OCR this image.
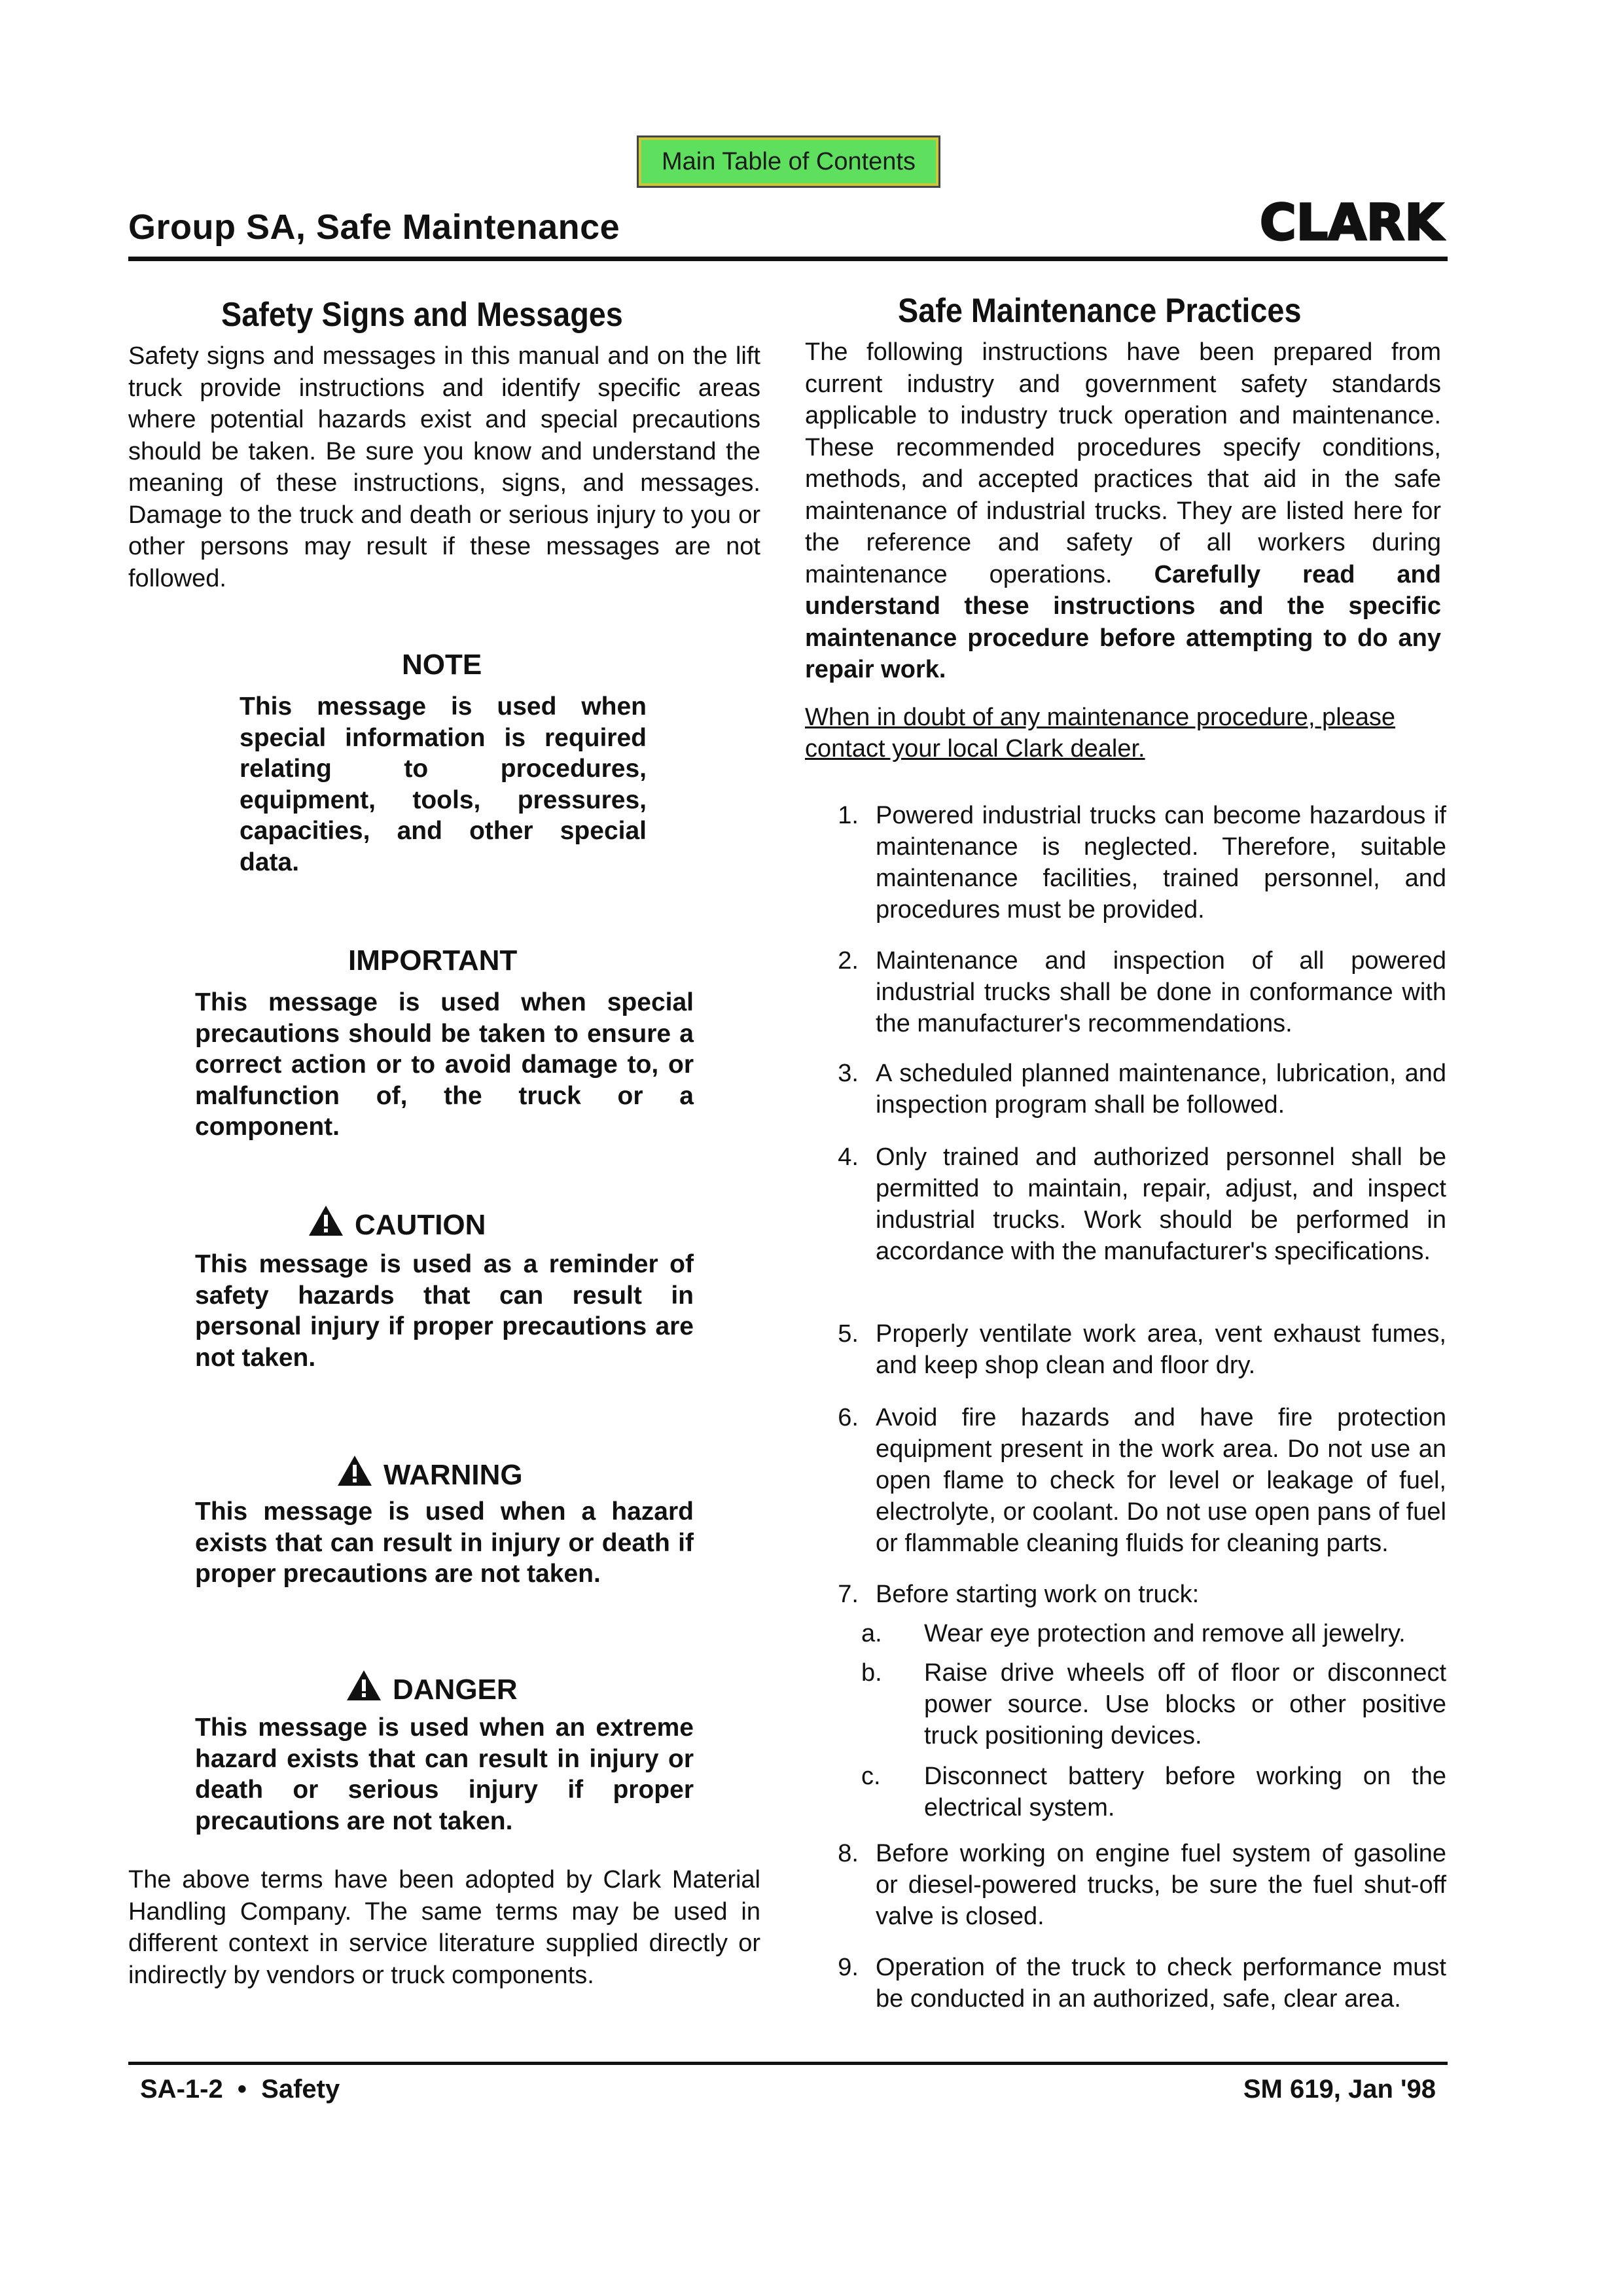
Main Table of Contents
Group SA, Safe Maintenance	CLARK
Safety Signs and Messages
Safety signs and messages in this manual and on the lift truck provide instructions and identify specific areas where potential hazards exist and special precautions should be taken. Be sure you know and understand the meaning of these instructions, signs, and messages. Damage to the truck and death or serious injury to you or other persons may result if these messages are not followed.
NOTE
This message is used when special information is required relating to procedures, equipment, tools, pressures, capacities, and other special data.
IMPORTANT
This message is used when special precautions should be taken to ensure a correct action or to avoid damage to, or malfunction of, the truck or a component.
CAUTION
This message is used as a reminder of safety hazards that can result in personal injury if proper precautions are not taken.
WARNING
This message is used when a hazard exists that can result in injury or death if proper precautions are not taken.
DANGER
This message is used when an extreme hazard exists that can result in injury or death or serious injury if proper precautions are not taken.
The above terms have been adopted by Clark Material Handling Company. The same terms may be used in different context in service literature supplied directly or indirectly by vendors or truck components.
Safe Maintenance Practices
The following instructions have been prepared from current industry and government safety standards applicable to industry truck operation and maintenance. These recommended procedures specify conditions, methods, and accepted practices that aid in the safe maintenance of industrial trucks. They are listed here for the reference and safety of all workers during maintenance operations. Carefully read and understand these instructions and the specific maintenance procedure before attempting to do any repair work.
When in doubt of any maintenance procedure, please contact your local Clark dealer.
1. Powered industrial trucks can become hazardous if maintenance is neglected. Therefore, suitable maintenance facilities, trained personnel, and procedures must be provided.
2. Maintenance and inspection of all powered industrial trucks shall be done in conformance with the manufacturer's recommendations.
3. A scheduled planned maintenance, lubrication, and inspection program shall be followed.
4. Only trained and authorized personnel shall be permitted to maintain, repair, adjust, and inspect industrial trucks. Work should be performed in accordance with the manufacturer's specifications.
5. Properly ventilate work area, vent exhaust fumes, and keep shop clean and floor dry.
6. Avoid fire hazards and have fire protection equipment present in the work area. Do not use an open flame to check for level or leakage of fuel, electrolyte, or coolant. Do not use open pans of fuel or flammable cleaning fluids for cleaning parts.
7. Before starting work on truck:
a.	Wear eye protection and remove all jewelry.
b.	Raise drive wheels off of floor or disconnect power source. Use blocks or other positive truck positioning devices.
c.	Disconnect battery before working on the electrical system.
8. Before working on engine fuel system of gasoline or diesel-powered trucks, be sure the fuel shut-off valve is closed.
9. Operation of the truck to check performance must be conducted in an authorized, safe, clear area.
SA-1-2  •  Safety	SM 619, Jan '98
